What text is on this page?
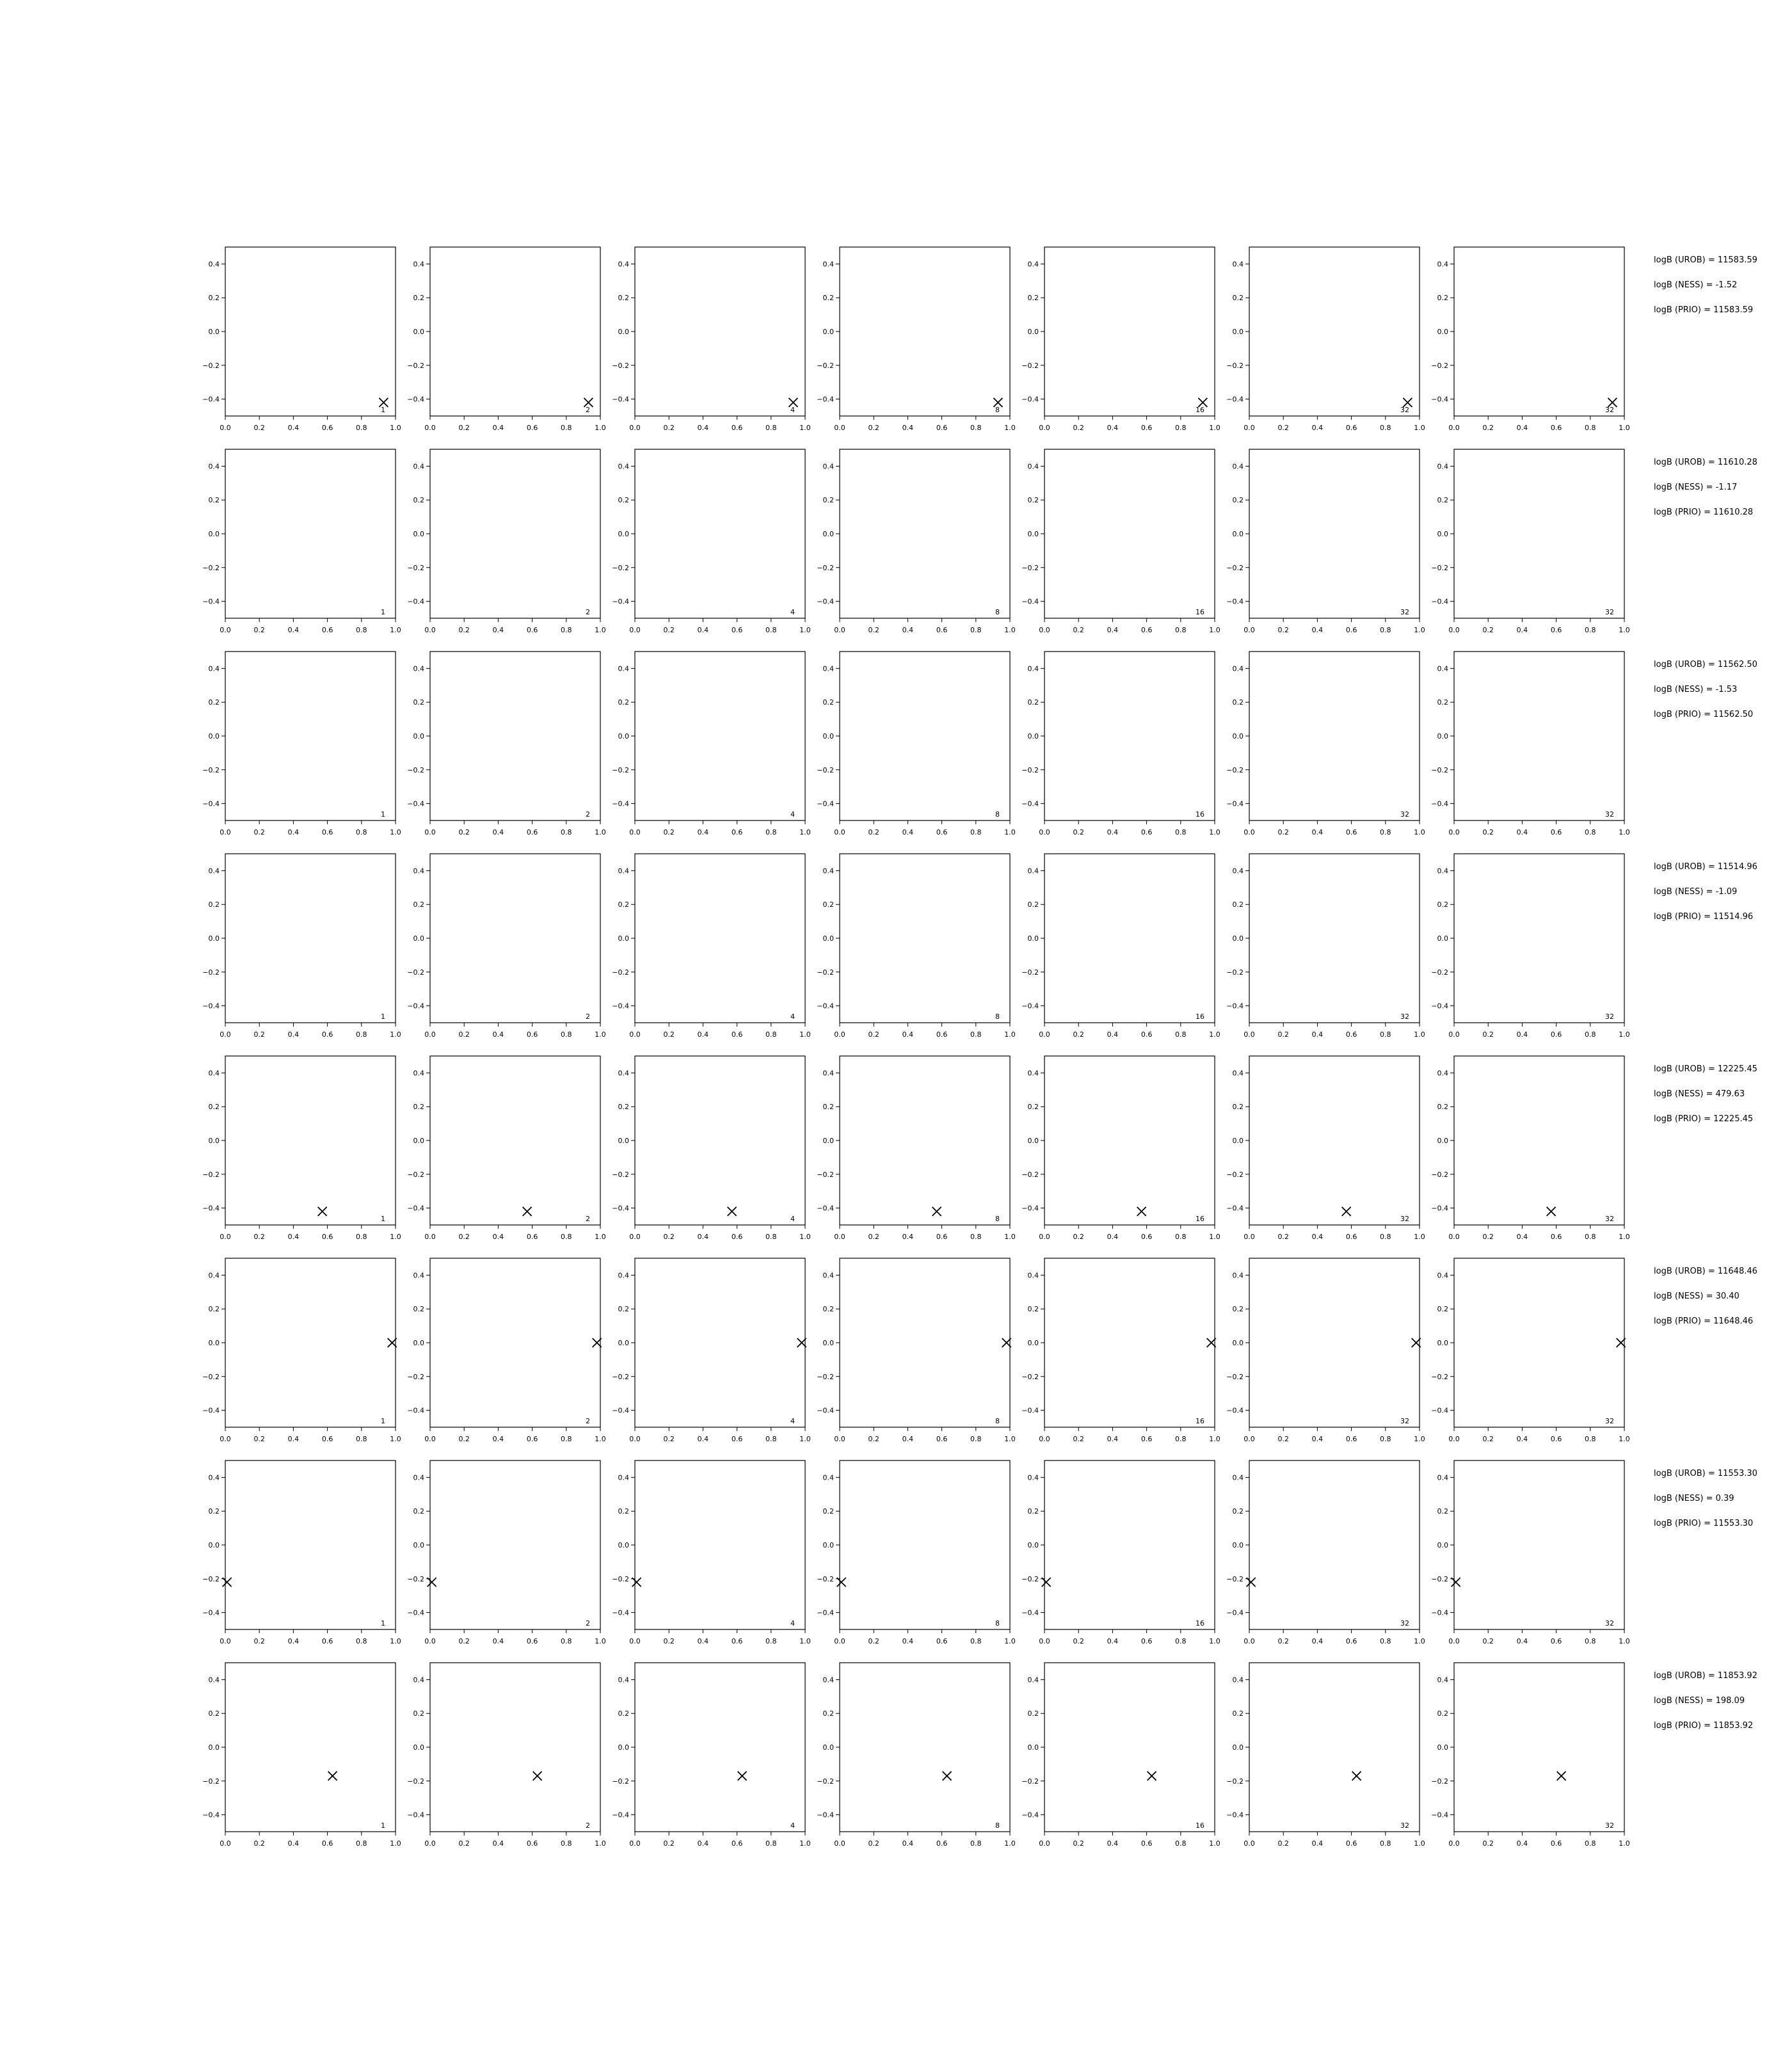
0.0	0.2	0.4	0.6	0.8	1.0
0.4
0.2
0.0
−0.2
−0.4
1
0.0	0.2	0.4	0.6	0.8	1.0
0.4
0.2
0.0
−0.2
−0.4
2
0.0	0.2	0.4	0.6	0.8	1.0
0.4
0.2
0.0
−0.2
−0.4
4
0.0	0.2	0.4	0.6	0.8	1.0
0.4
0.2
0.0
−0.2
−0.4
8
0.0	0.2	0.4	0.6	0.8	1.0
0.4
0.2
0.0
−0.2
−0.4
16
0.0	0.2	0.4	0.6	0.8	1.0
0.4
0.2
0.0
−0.2
−0.4
32
0.0	0.2	0.4	0.6	0.8	1.0
0.4
0.2
0.0
−0.2
−0.4
32
logB (UROB) = 11583.59
logB (NESS) = -1.52
logB (PRIO) = 11583.59
0.0	0.2	0.4	0.6	0.8	1.0
0.4
0.2
0.0
−0.2
−0.4
1
0.0	0.2	0.4	0.6	0.8	1.0
0.4
0.2
0.0
−0.2
−0.4
2
0.0	0.2	0.4	0.6	0.8	1.0
0.4
0.2
0.0
−0.2
−0.4
4
0.0	0.2	0.4	0.6	0.8	1.0
0.4
0.2
0.0
−0.2
−0.4
8
0.0	0.2	0.4	0.6	0.8	1.0
0.4
0.2
0.0
−0.2
−0.4
16
0.0	0.2	0.4	0.6	0.8	1.0
0.4
0.2
0.0
−0.2
−0.4
32
0.0	0.2	0.4	0.6	0.8	1.0
0.4
0.2
0.0
−0.2
−0.4
32
logB (UROB) = 11610.28
logB (NESS) = -1.17
logB (PRIO) = 11610.28
0.0	0.2	0.4	0.6	0.8	1.0
0.4
0.2
0.0
−0.2
−0.4
1
0.0	0.2	0.4	0.6	0.8	1.0
0.4
0.2
0.0
−0.2
−0.4
2
0.0	0.2	0.4	0.6	0.8	1.0
0.4
0.2
0.0
−0.2
−0.4
4
0.0	0.2	0.4	0.6	0.8	1.0
0.4
0.2
0.0
−0.2
−0.4
8
0.0	0.2	0.4	0.6	0.8	1.0
0.4
0.2
0.0
−0.2
−0.4
16
0.0	0.2	0.4	0.6	0.8	1.0
0.4
0.2
0.0
−0.2
−0.4
32
0.0	0.2	0.4	0.6	0.8	1.0
0.4
0.2
0.0
−0.2
−0.4
32
logB (UROB) = 11562.50
logB (NESS) = -1.53
logB (PRIO) = 11562.50
0.0	0.2	0.4	0.6	0.8	1.0
0.4
0.2
0.0
−0.2
−0.4
1
0.0	0.2	0.4	0.6	0.8	1.0
0.4
0.2
0.0
−0.2
−0.4
2
0.0	0.2	0.4	0.6	0.8	1.0
0.4
0.2
0.0
−0.2
−0.4
4
0.0	0.2	0.4	0.6	0.8	1.0
0.4
0.2
0.0
−0.2
−0.4
8
0.0	0.2	0.4	0.6	0.8	1.0
0.4
0.2
0.0
−0.2
−0.4
16
0.0	0.2	0.4	0.6	0.8	1.0
0.4
0.2
0.0
−0.2
−0.4
32
0.0	0.2	0.4	0.6	0.8	1.0
0.4
0.2
0.0
−0.2
−0.4
32
logB (UROB) = 11514.96
logB (NESS) = -1.09
logB (PRIO) = 11514.96
0.0	0.2	0.4	0.6	0.8	1.0
0.4
0.2
0.0
−0.2
−0.4
1
0.0	0.2	0.4	0.6	0.8	1.0
0.4
0.2
0.0
−0.2
−0.4
2
0.0	0.2	0.4	0.6	0.8	1.0
0.4
0.2
0.0
−0.2
−0.4
4
0.0	0.2	0.4	0.6	0.8	1.0
0.4
0.2
0.0
−0.2
−0.4
8
0.0	0.2	0.4	0.6	0.8	1.0
0.4
0.2
0.0
−0.2
−0.4
16
0.0	0.2	0.4	0.6	0.8	1.0
0.4
0.2
0.0
−0.2
−0.4
32
0.0	0.2	0.4	0.6	0.8	1.0
0.4
0.2
0.0
−0.2
−0.4
32
logB (UROB) = 12225.45
logB (NESS) = 479.63
logB (PRIO) = 12225.45
0.0	0.2	0.4	0.6	0.8	1.0
0.4
0.2
0.0
−0.2
−0.4
1
0.0	0.2	0.4	0.6	0.8	1.0
0.4
0.2
0.0
−0.2
−0.4
2
0.0	0.2	0.4	0.6	0.8	1.0
0.4
0.2
0.0
−0.2
−0.4
4
0.0	0.2	0.4	0.6	0.8	1.0
0.4
0.2
0.0
−0.2
−0.4
8
0.0	0.2	0.4	0.6	0.8	1.0
0.4
0.2
0.0
−0.2
−0.4
16
0.0	0.2	0.4	0.6	0.8	1.0
0.4
0.2
0.0
−0.2
−0.4
32
0.0	0.2	0.4	0.6	0.8	1.0
0.4
0.2
0.0
−0.2
−0.4
32
logB (UROB) = 11648.46
logB (NESS) = 30.40
logB (PRIO) = 11648.46
0.0	0.2	0.4	0.6	0.8	1.0
0.4
0.2
0.0
−0.2
−0.4
1
0.0	0.2	0.4	0.6	0.8	1.0
0.4
0.2
0.0
−0.2
−0.4
2
0.0	0.2	0.4	0.6	0.8	1.0
0.4
0.2
0.0
−0.2
−0.4
4
0.0	0.2	0.4	0.6	0.8	1.0
0.4
0.2
0.0
−0.2
−0.4
8
0.0	0.2	0.4	0.6	0.8	1.0
0.4
0.2
0.0
−0.2
−0.4
16
0.0	0.2	0.4	0.6	0.8	1.0
0.4
0.2
0.0
−0.2
−0.4
32
0.0	0.2	0.4	0.6	0.8	1.0
0.4
0.2
0.0
−0.2
−0.4
32
logB (UROB) = 11553.30
logB (NESS) = 0.39
logB (PRIO) = 11553.30
0.0	0.2	0.4	0.6	0.8	1.0
0.4
0.2
0.0
−0.2
−0.4
1
0.0	0.2	0.4	0.6	0.8	1.0
0.4
0.2
0.0
−0.2
−0.4
2
0.0	0.2	0.4	0.6	0.8	1.0
0.4
0.2
0.0
−0.2
−0.4
4
0.0	0.2	0.4	0.6	0.8	1.0
0.4
0.2
0.0
−0.2
−0.4
8
0.0	0.2	0.4	0.6	0.8	1.0
0.4
0.2
0.0
−0.2
−0.4
16
0.0	0.2	0.4	0.6	0.8	1.0
0.4
0.2
0.0
−0.2
−0.4
32
0.0	0.2	0.4	0.6	0.8	1.0
0.4
0.2
0.0
−0.2
−0.4
32
logB (UROB) = 11853.92
logB (NESS) = 198.09
logB (PRIO) = 11853.92
